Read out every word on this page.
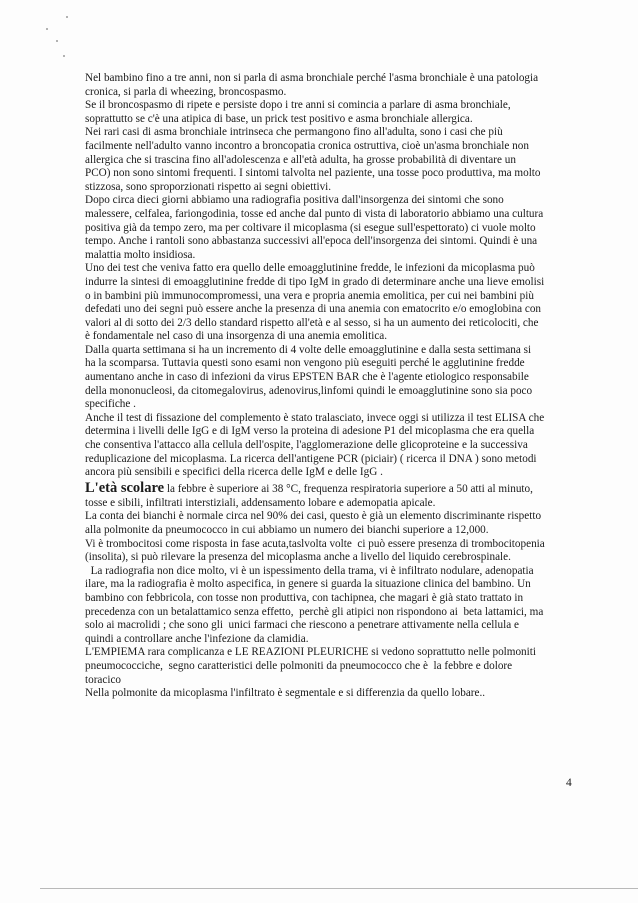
Nel bambino fino a tre anni, non si parla di asma bronchiale perché l'asma bronchiale è una patologia
cronica, si parla di wheezing, broncospasmo.
Se il broncospasmo di ripete e persiste dopo i tre anni si comincia a parlare di asma bronchiale,
soprattutto se c'è una atipica di base, un prick test positivo e asma bronchiale allergica.
Nei rari casi di asma bronchiale intrinseca che permangono fino all'adulta, sono i casi che più
facilmente nell'adulto vanno incontro a broncopatia cronica ostruttiva, cioè un'asma bronchiale non
allergica che si trascina fino all'adolescenza e all'età adulta, ha grosse probabilità di diventare un
PCO) non sono sintomi frequenti. I sintomi talvolta nel paziente, una tosse poco produttiva, ma molto
stizzosa, sono sproporzionati rispetto ai segni obiettivi.
Dopo circa dieci giorni abbiamo una radiografia positiva dall'insorgenza dei sintomi che sono
malessere, celfalea, fariongodinia, tosse ed anche dal punto di vista di laboratorio abbiamo una cultura
positiva già da tempo zero, ma per coltivare il micoplasma (si esegue sull'espettorato) ci vuole molto
tempo. Anche i rantoli sono abbastanza successivi all'epoca dell'insorgenza dei sintomi. Quindi è una
malattia molto insidiosa.
Uno dei test che veniva fatto era quello delle emoagglutinine fredde, le infezioni da micoplasma può
indurre la sintesi di emoagglutinine fredde di tipo IgM in grado di determinare anche una lieve emolisi
o in bambini più immunocompromessi, una vera e propria anemia emolitica, per cui nei bambini più
defedati uno dei segni può essere anche la presenza di una anemia con ematocrito e/o emoglobina con
valori al di sotto dei 2/3 dello standard rispetto all'età e al sesso, si ha un aumento dei reticolociti, che
è fondamentale nel caso di una insorgenza di una anemia emolitica.
Dalla quarta settimana si ha un incremento di 4 volte delle emoagglutinine e dalla sesta settimana si
ha la scomparsa. Tuttavia questi sono esami non vengono più eseguiti perché le agglutinine fredde
aumentano anche in caso di infezioni da virus EPSTEN BAR che è l'agente etiologico responsabile
della mononucleosi, da citomegalovirus, adenovirus,linfomi quindi le emoagglutinine sono sia poco
specifiche .
Anche il test di fissazione del complemento è stato tralasciato, invece oggi si utilizza il test ELISA che
determina i livelli delle IgG e di IgM verso la proteina di adesione P1 del micoplasma che era quella
che consentiva l'attacco alla cellula dell'ospite, l'agglomerazione delle glicoproteine e la successiva
reduplicazione del micoplasma. La ricerca dell'antigene PCR (piciair) ( ricerca il DNA ) sono metodi
ancora più sensibili e specifici della ricerca delle IgM e delle IgG .
L'età scolare la febbre è superiore ai 38 °C, frequenza respiratoria superiore a 50 atti al minuto,
tosse e sibili, infiltrati interstiziali, addensamento lobare e ademopatia apicale.
La conta dei bianchi è normale circa nel 90% dei casi, questo è già un elemento discriminante rispetto
alla polmonite da pneumococco in cui abbiamo un numero dei bianchi superiore a 12,000.
Vi è trombocitosi come risposta in fase acuta,taslvolta volte  ci può essere presenza di trombocitopenia
(insolita), si può rilevare la presenza del micoplasma anche a livello del liquido cerebrospinale.
La radiografia non dice molto, vi è un ispessimento della trama, vi è infiltrato nodulare, adenopatia
ilare, ma la radiografia è molto aspecifica, in genere si guarda la situazione clinica del bambino. Un
bambino con febbricola, con tosse non produttiva, con tachipnea, che magari è già stato trattato in
precedenza con un betalattamico senza effetto,  perchè gli atipici non rispondono ai  beta lattamici, ma
solo ai macrolidi ; che sono gli  unici farmaci che riescono a penetrare attivamente nella cellula e
quindi a controllare anche l'infezione da clamidia.
L'EMPIEMA rara complicanza e LE REAZIONI PLEURICHE si vedono soprattutto nelle polmoniti
pneumococciche,  segno caratteristici delle polmoniti da pneumococco che è  la febbre e dolore
toracico
Nella polmonite da micoplasma l'infiltrato è segmentale e si differenzia da quello lobare..
4
